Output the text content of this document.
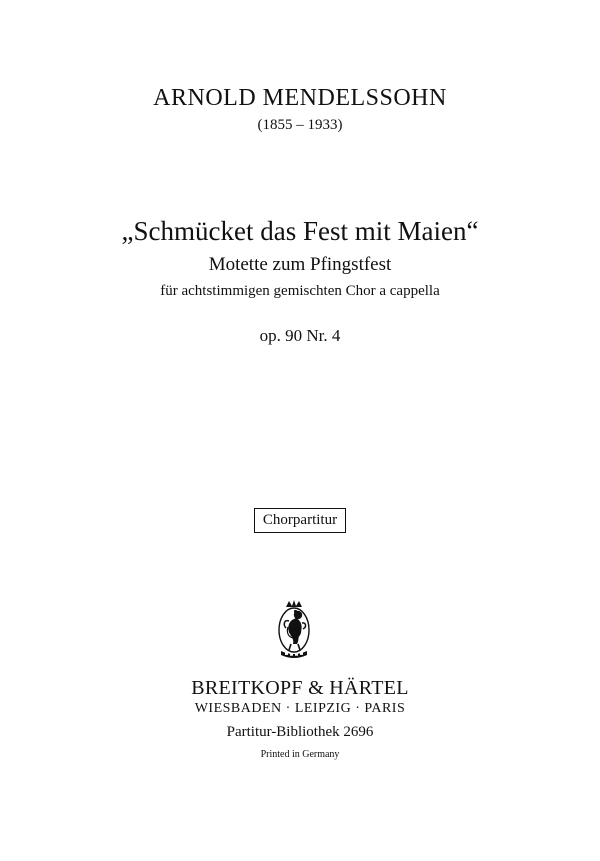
ARNOLD MENDELSSOHN
(1855 – 1933)
„Schmücket das Fest mit Maien“
Motette zum Pfingstfest
für achtstimmigen gemischten Chor a cappella
op. 90 Nr. 4
Chorpartitur
BREITKOPF & HÄRTEL
WIESBADEN · LEIPZIG · PARIS
Partitur-Bibliothek 2696
Printed in Germany
